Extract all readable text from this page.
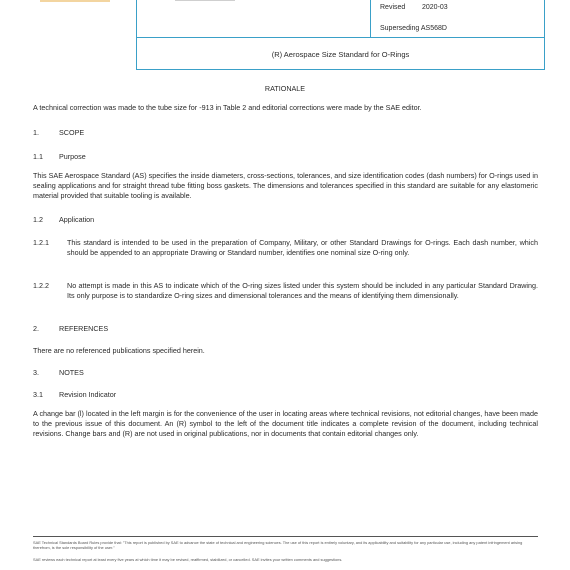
Revised 2020-03
Superseding AS568D
(R) Aerospace Size Standard for O-Rings
RATIONALE
A technical correction was made to the tube size for -913 in Table 2 and editorial corrections were made by the SAE editor.
1.	SCOPE
1.1 Purpose
This SAE Aerospace Standard (AS) specifies the inside diameters, cross-sections, tolerances, and size identification codes (dash numbers) for O-rings used in sealing applications and for straight thread tube fitting boss gaskets. The dimensions and tolerances specified in this standard are suitable for any elastomeric material provided that suitable tooling is available.
1.2 Application
1.2.1	This standard is intended to be used in the preparation of Company, Military, or other Standard Drawings for O-rings. Each dash number, which should be appended to an appropriate Drawing or Standard number, identifies one nominal size O-ring only.
1.2.2	No attempt is made in this AS to indicate which of the O-ring sizes listed under this system should be included in any particular Standard Drawing. Its only purpose is to standardize O-ring sizes and dimensional tolerances and the means of identifying them dimensionally.
2.	REFERENCES
There are no referenced publications specified herein.
3.	NOTES
3.1 Revision Indicator
A change bar (l) located in the left margin is for the convenience of the user in locating areas where technical revisions, not editorial changes, have been made to the previous issue of this document. An (R) symbol to the left of the document title indicates a complete revision of the document, including technical revisions. Change bars and (R) are not used in original publications, nor in documents that contain editorial changes only.
SAE Technical Standards Board Rules provide that: "This report is published by SAE to advance the state of technical and engineering sciences. The use of this report is entirely voluntary, and its applicability and suitability for any particular use, including any patent infringement arising therefrom, is the sole responsibility of the user."
SAE reviews each technical report at least every five years at which time it may be revised, reaffirmed, stabilized, or cancelled. SAE invites your written comments and suggestions.
